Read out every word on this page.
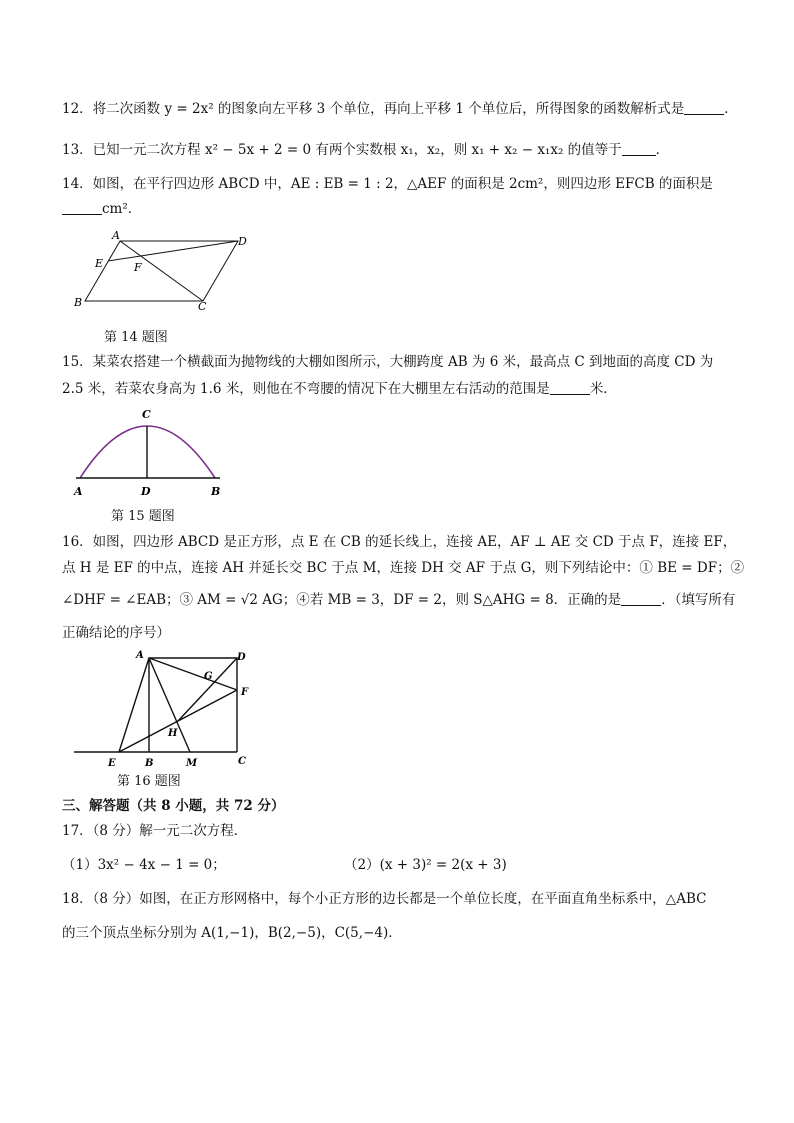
12．将二次函数 y = 2x² 的图象向左平移 3 个单位，再向上平移 1 个单位后，所得图象的函数解析式是	．
13．已知一元二次方程 x² − 5x + 2 = 0 有两个实数根 x₁，x₂，则 x₁ + x₂ − x₁x₂ 的值等于	．
14．如图，在平行四边形 ABCD 中，AE : EB = 1 : 2，△AEF 的面积是 2cm²，则四边形 EFCB 的面积是
cm²．
A	D
E	F
B	C
第 14 题图
15．某菜农搭建一个横截面为抛物线的大棚如图所示，大棚跨度 AB 为 6 米，最高点 C 到地面的高度 CD 为
2.5 米，若菜农身高为 1.6 米，则他在不弯腰的情况下在大棚里左右活动的范围是	米．
C
A	D	B
第 15 题图
16．如图，四边形 ABCD 是正方形，点 E 在 CB 的延长线上，连接 AE，AF ⊥ AE 交 CD 于点 F，连接 EF，
点 H 是 EF 的中点，连接 AH 并延长交 BC 于点 M，连接 DH 交 AF 于点 G，则下列结论中：① BE = DF；②
∠DHF = ∠EAB；③ AM = √2 AG；④若 MB = 3，DF = 2，则 S△AHG = 8．正确的是	．（填写所有
正确结论的序号）
A	D
G
F
H
E	B	M	C
第 16 题图
三、解答题（共 8 小题，共 72 分）
17．（8 分）解一元二次方程．
（1）3x² − 4x − 1 = 0；	（2）(x + 3)² = 2(x + 3)
18．（8 分）如图，在正方形网格中，每个小正方形的边长都是一个单位长度，在平面直角坐标系中，△ABC
的三个顶点坐标分别为 A(1,−1)，B(2,−5)，C(5,−4)．
